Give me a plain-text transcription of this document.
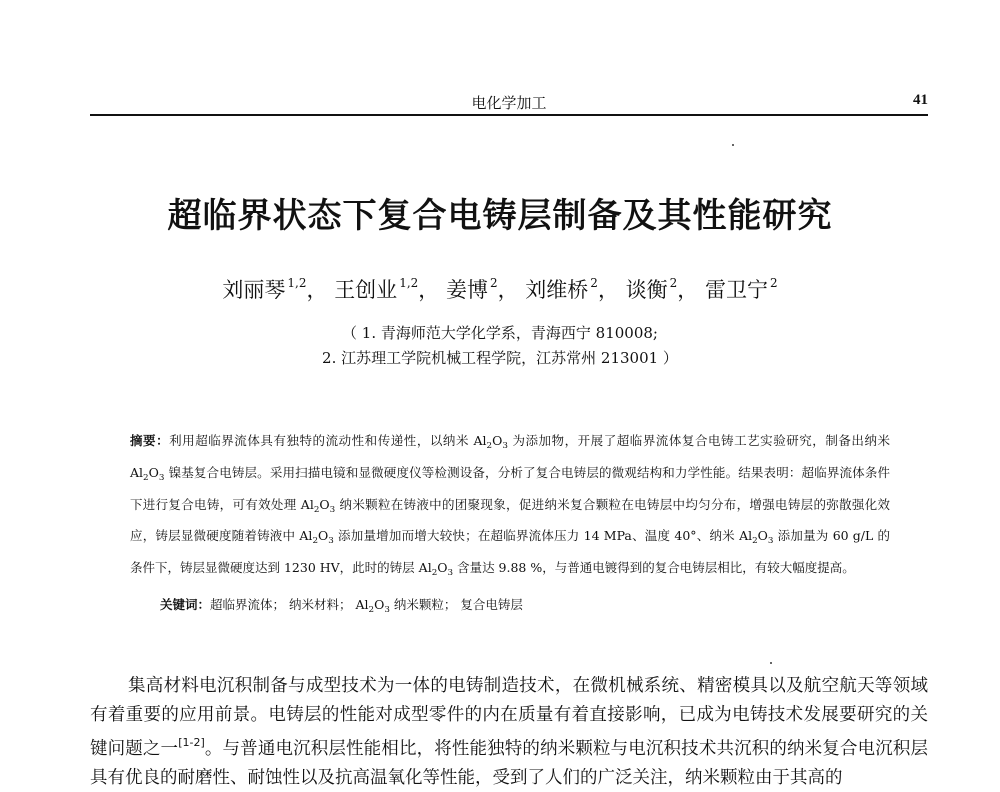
电化学加工	41
超临界状态下复合电铸层制备及其性能研究
刘丽琴 $^{1,2}$， 王创业 $^{1,2}$， 姜博 $^2$， 刘维桥 $^2$， 谈衡 $^2$， 雷卫宁 $^2$
（ 1. 青海师范大学化学系，青海西宁 810008;
2. 江苏理工学院机械工程学院，江苏常州 213001 ）
摘要：利用超临界流体具有独特的流动性和传递性，以纳米 $Al_2O_3$ 为添加物，开展了超临界流体复合电铸工艺实验研究，制备出纳米 $Al_2O_3$ 镍基复合电铸层。采用扫描电镜和显微硬度仪等检测设备，分析了复合电铸层的微观结构和力学性能。结果表明：超临界流体条件下进行复合电铸，可有效处理 $Al_2O_3$ 纳米颗粒在铸液中的团聚现象，促进纳米复合颗粒在电铸层中均匀分布，增强电铸层的弥散强化效应，铸层显微硬度随着铸液中 $Al_2O_3$ 添加量增加而增大较快；在超临界流体压力 14 MPa、温度 40°、纳米 $Al_2O_3$ 添加量为 60 g/L 的条件下，铸层显微硬度达到 1230 HV，此时的铸层 $Al_2O_3$ 含量达 9.88 %，与普通电镀得到的复合电铸层相比，有较大幅度提高。
关键词：超临界流体； 纳米材料； $Al_2O_3$ 纳米颗粒； 复合电铸层
集高材料电沉积制备与成型技术为一体的电铸制造技术，在微机械系统、精密模具以及航空航天等领域有着重要的应用前景。电铸层的性能对成型零件的内在质量有着直接影响，已成为电铸技术发展要研究的关键问题之一[1-2]。与普通电沉积层性能相比，将性能独特的纳米颗粒与电沉积技术共沉积的纳米复合电沉积层具有优良的耐磨性、耐蚀性以及抗高温氧化等性能，受到了人们的广泛关注，纳米颗粒由于其高的
